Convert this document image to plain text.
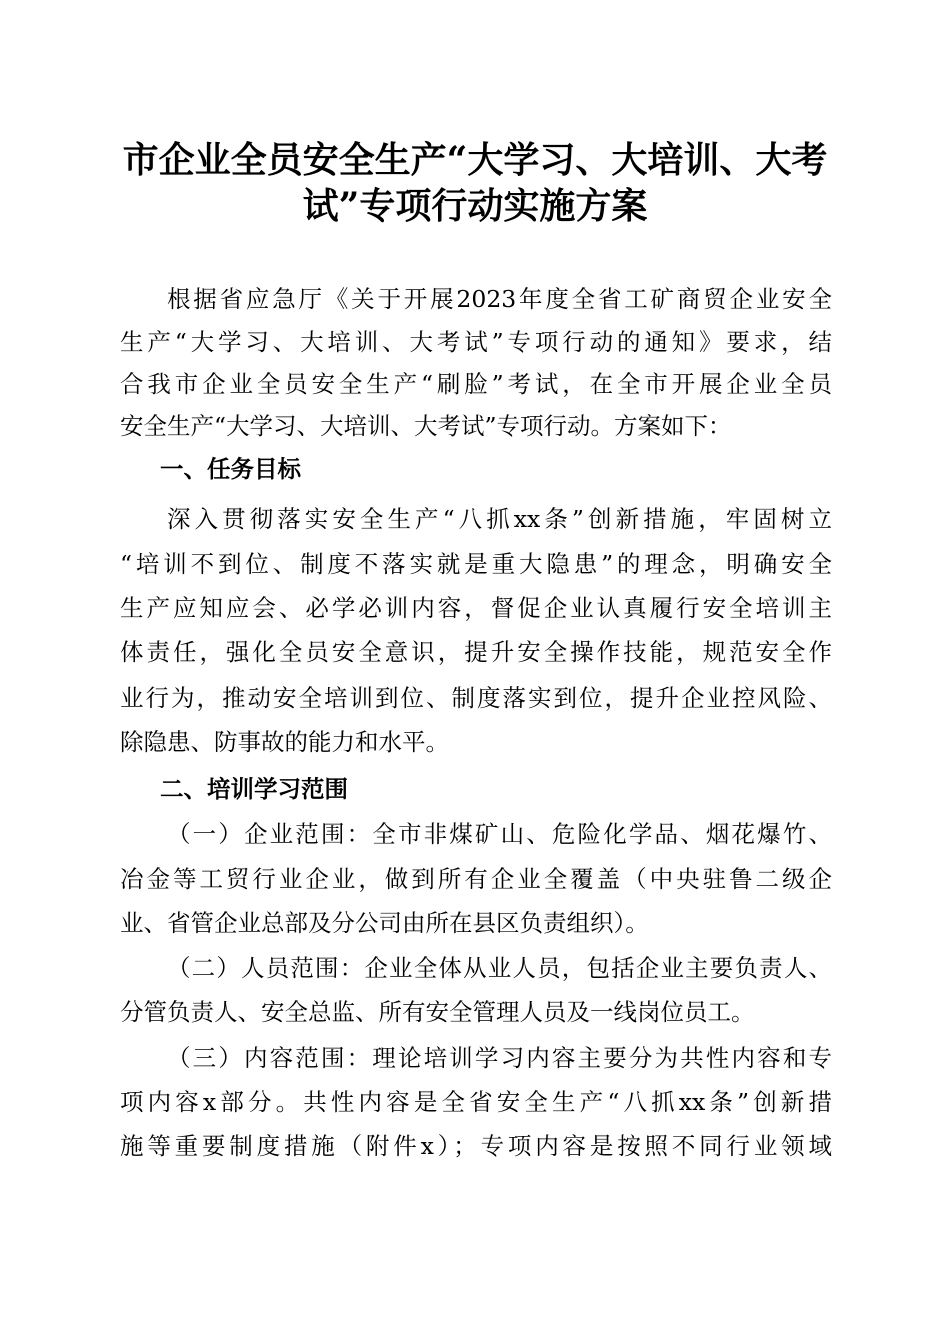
市企业全员安全生产“大学习、大培训、大考
试”专项行动实施方案
根据省应急厅《关于开展2023年度全省工矿商贸企业安全
生产“大学习、大培训、大考试”专项行动的通知》要求，结
合我市企业全员安全生产“刷脸”考试，在全市开展企业全员
安全生产“大学习、大培训、大考试”专项行动。方案如下：
一、任务目标
深入贯彻落实安全生产“八抓xx条”创新措施，牢固树立
“培训不到位、制度不落实就是重大隐患”的理念，明确安全
生产应知应会、必学必训内容，督促企业认真履行安全培训主
体责任，强化全员安全意识，提升安全操作技能，规范安全作
业行为，推动安全培训到位、制度落实到位，提升企业控风险、
除隐患、防事故的能力和水平。
二、培训学习范围
（一）企业范围：全市非煤矿山、危险化学品、烟花爆竹、
冶金等工贸行业企业，做到所有企业全覆盖（中央驻鲁二级企
业、省管企业总部及分公司由所在县区负责组织）。
（二）人员范围：企业全体从业人员，包括企业主要负责人、
分管负责人、安全总监、所有安全管理人员及一线岗位员工。
（三）内容范围：理论培训学习内容主要分为共性内容和专
项内容x部分。共性内容是全省安全生产“八抓xx条”创新措
施等重要制度措施（附件x）；专项内容是按照不同行业领域
